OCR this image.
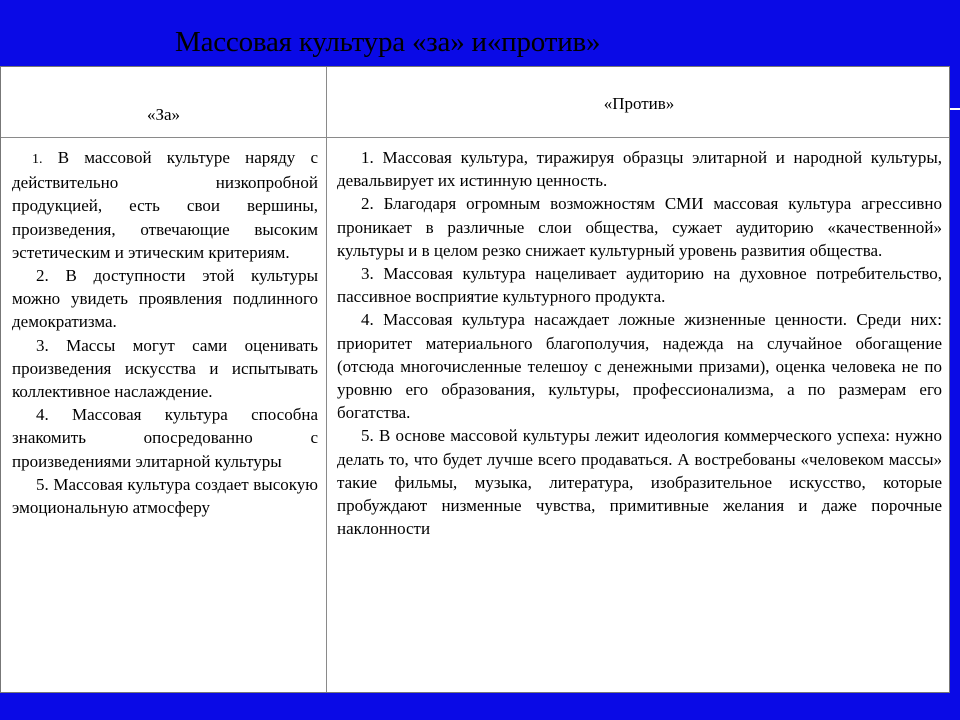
Массовая культура «за» и«против»
«За»
«Против»

1. В массовой культуре наряду с действительно низкопробной продукцией, есть свои вершины, произведения, отвечающие высоким эстетическим и этическим критериям.

2. В доступности этой культуры можно увидеть проявления подлинного демократизма.

3. Массы могут сами оценивать произведения искусства и испытывать коллективное наслаждение.

4. Массовая культура способна знакомить опосредованно с произведениями элитарной культуры

5. Массовая культура создает высокую эмоциональную атмосферу

1. Массовая культура, тиражируя образцы элитарной и народной культуры, девальвирует их истинную ценность.

2. Благодаря огромным возможностям СМИ массовая культура агрессивно проникает в различные слои общества, сужает аудиторию «качественной» культуры и в целом резко снижает культурный уровень развития общества.

3. Массовая культура нацеливает аудиторию на духовное потребительство, пассивное восприятие культурного продукта.

4. Массовая культура насаждает ложные жизненные ценности. Среди них: приоритет материального благополучия, надежда на случайное обогащение (отсюда многочисленные телешоу с денежными призами), оценка человека не по уровню его образования, культуры, профессионализма, а по размерам его богатства.

5. В основе массовой культуры лежит идеология коммерческого успеха: нужно делать то, что будет лучше всего продаваться. А востребованы «человеком массы» такие фильмы, музыка, литература, изобразительное искусство, которые пробуждают низменные чувства, примитивные желания и даже порочные наклонности
